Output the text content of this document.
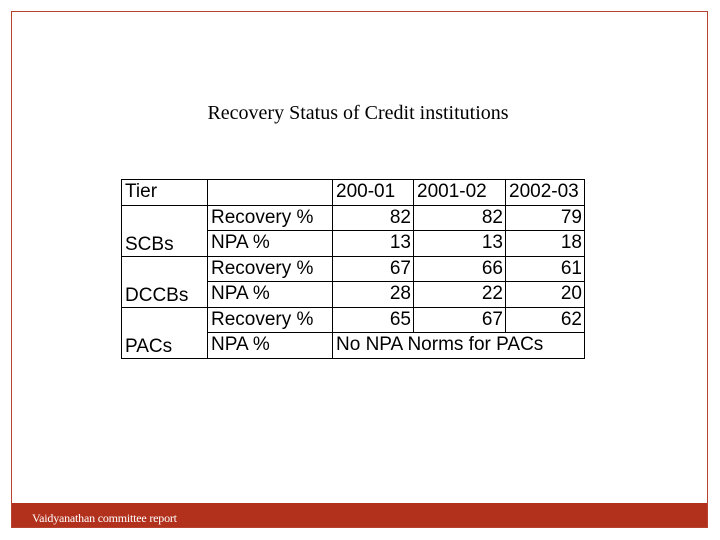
Recovery Status of Credit institutions
Tier		200-01	2001-02	2002-03
SCBs	Recovery %	82	82	79
	NPA %	13	13	18
DCCBs	Recovery %	67	66	61
	NPA %	28	22	20
PACs	Recovery %	65	67	62
	NPA %	No NPA Norms for PACs		
Vaidyanathan committee report
